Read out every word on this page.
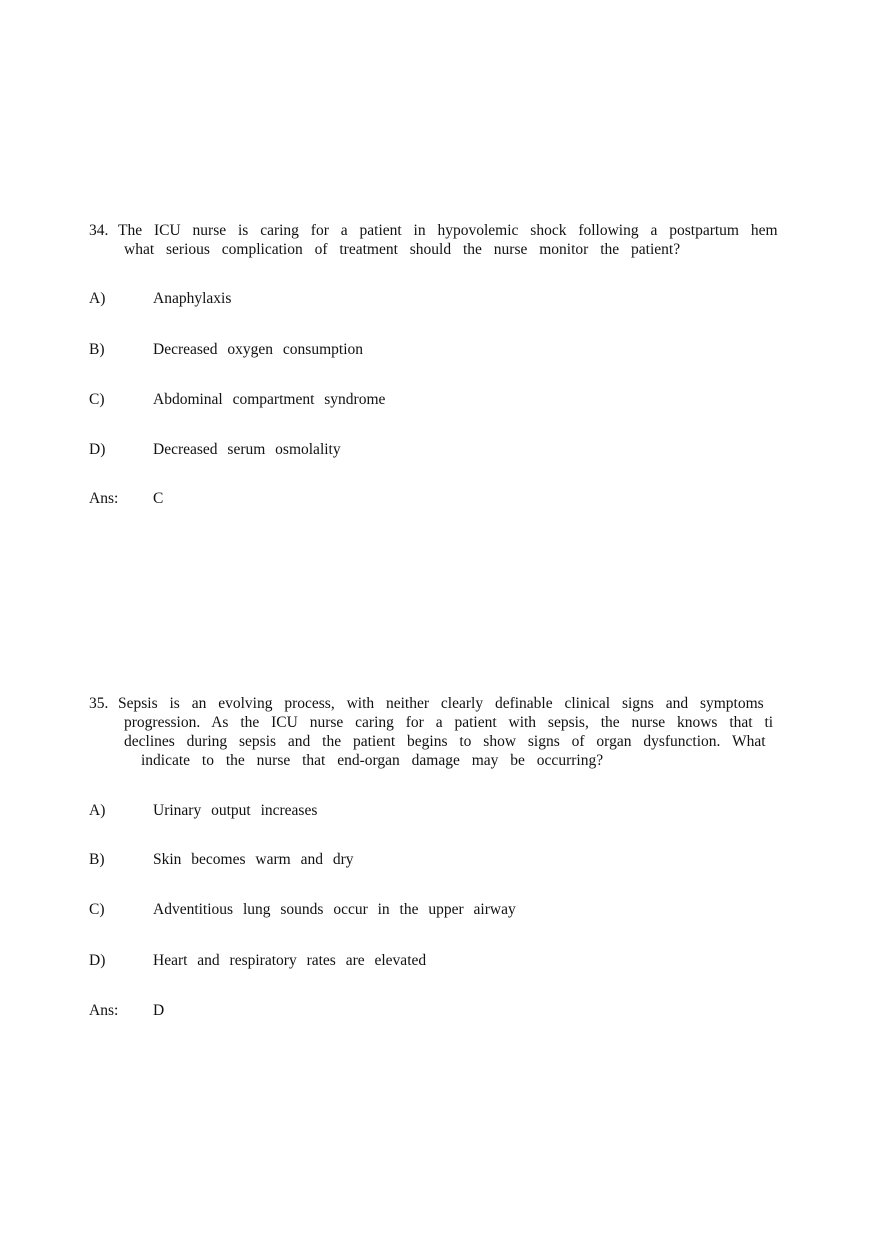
34. The ICU nurse is caring for a patient in hypovolemic shock following a postpartum hem
what serious complication of treatment should the nurse monitor the patient?
A)	Anaphylaxis
B)	Decreased oxygen consumption
C)	Abdominal compartment syndrome
D)	Decreased serum osmolality
Ans: C
35. Sepsis is an evolving process, with neither clearly definable clinical signs and symptoms
progression. As the ICU nurse caring for a patient with sepsis, the nurse knows that ti
declines during sepsis and the patient begins to show signs of organ dysfunction. What
indicate to the nurse that end-organ damage may be occurring?
A)	Urinary output increases
B)	Skin becomes warm and dry
C)	Adventitious lung sounds occur in the upper airway
D)	Heart and respiratory rates are elevated
Ans: D
